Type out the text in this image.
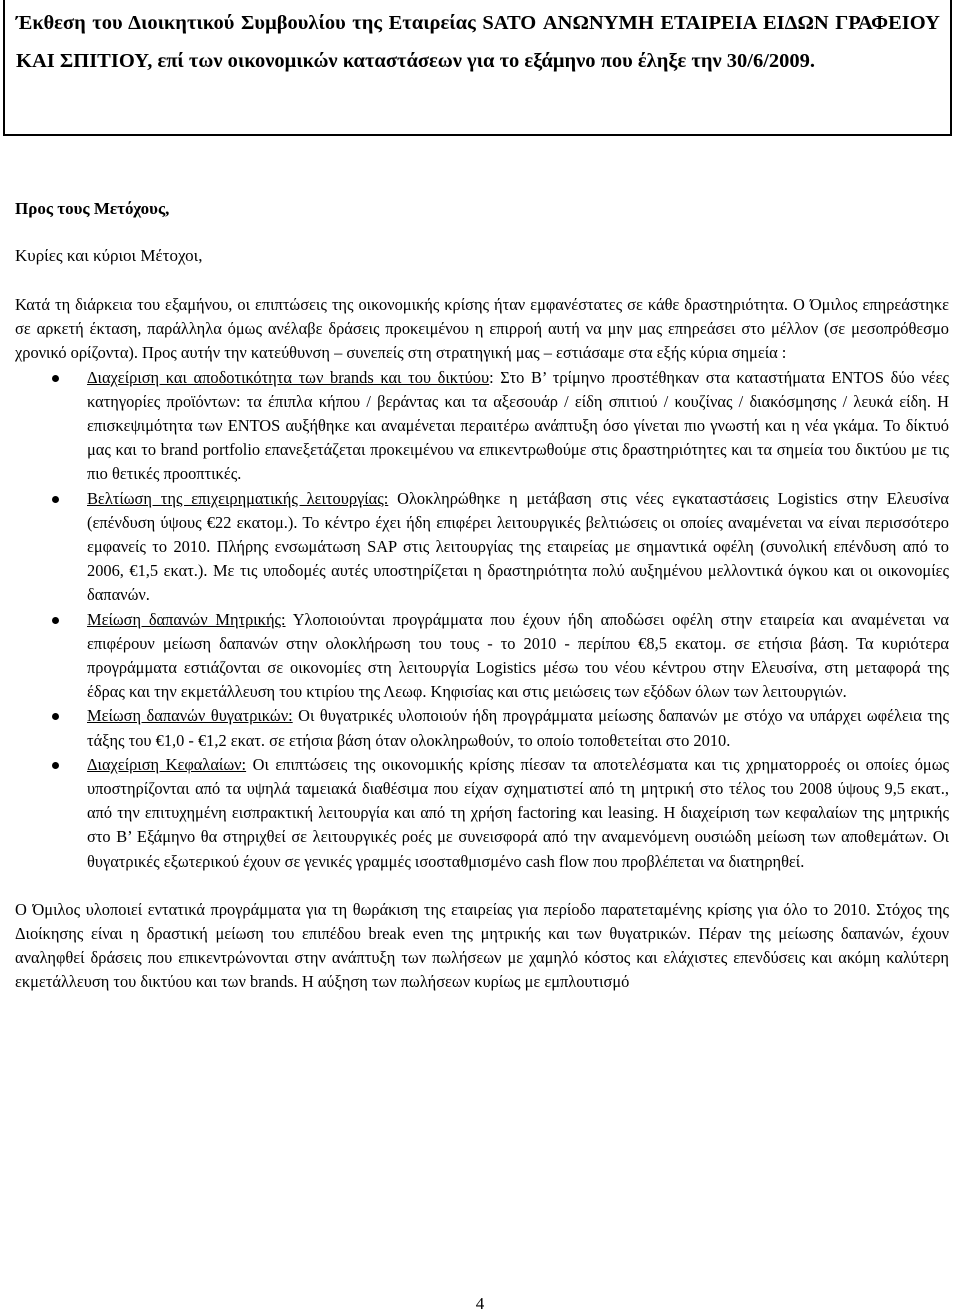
Έκθεση του Διοικητικού Συμβουλίου της Εταιρείας SATO ΑΝΩΝΥΜΗ ΕΤΑΙΡΕΙΑ ΕΙΔΩΝ ΓΡΑΦΕΙΟΥ ΚΑΙ ΣΠΙΤΙΟΥ, επί των οικονομικών καταστάσεων για το εξάμηνο που έληξε την 30/6/2009.

Προς τους Μετόχους,
Κυρίες και κύριοι Μέτοχοι,

Κατά τη διάρκεια του εξαμήνου, οι επιπτώσεις της οικονομικής κρίσης ήταν εμφανέστατες σε κάθε δραστηριότητα. Ο Όμιλος επηρεάστηκε σε αρκετή έκταση, παράλληλα όμως ανέλαβε δράσεις προκειμένου η επιρροή αυτή να μην μας επηρεάσει στο μέλλον (σε μεσοπρόθεσμο χρονικό ορίζοντα). Προς αυτήν την κατεύθυνση – συνεπείς στη στρατηγική μας – εστιάσαμε στα εξής κύρια σημεία :

Διαχείριση και αποδοτικότητα των brands και του δικτύου: Στο Β’ τρίμηνο προστέθηκαν στα καταστήματα ENTOS δύο νέες κατηγορίες προϊόντων: τα έπιπλα κήπου / βεράντας και τα αξεσουάρ / είδη σπιτιού / κουζίνας / διακόσμησης / λευκά είδη. Η επισκεψιμότητα των ENTOS αυξήθηκε και αναμένεται περαιτέρω ανάπτυξη όσο γίνεται πιο γνωστή και η νέα γκάμα. Το δίκτυό μας και το brand portfolio επανεξετάζεται προκειμένου να επικεντρωθούμε στις δραστηριότητες και τα σημεία του δικτύου με τις πιο θετικές προοπτικές.
Βελτίωση της επιχειρηματικής λειτουργίας: Ολοκληρώθηκε η μετάβαση στις νέες εγκαταστάσεις Logistics στην Ελευσίνα (επένδυση ύψους €22 εκατομ.). Το κέντρο έχει ήδη επιφέρει λειτουργικές βελτιώσεις οι οποίες αναμένεται να είναι περισσότερο εμφανείς το 2010. Πλήρης ενσωμάτωση SAP στις λειτουργίας της εταιρείας με σημαντικά οφέλη (συνολική επένδυση από το 2006, €1,5 εκατ.). Με τις υποδομές αυτές υποστηρίζεται η δραστηριότητα πολύ αυξημένου μελλοντικά όγκου και οι οικονομίες δαπανών.
Μείωση δαπανών Μητρικής: Υλοποιούνται προγράμματα που έχουν ήδη αποδώσει οφέλη στην εταιρεία και αναμένεται να επιφέρουν μείωση δαπανών στην ολοκλήρωση του τους - το 2010 - περίπου €8,5 εκατομ. σε ετήσια βάση. Τα κυριότερα προγράμματα εστιάζονται σε οικονομίες στη λειτουργία Logistics μέσω του νέου κέντρου στην Ελευσίνα, στη μεταφορά της έδρας και την εκμετάλλευση του κτιρίου της Λεωφ. Κηφισίας και στις μειώσεις των εξόδων όλων των λειτουργιών.
Μείωση δαπανών θυγατρικών: Οι θυγατρικές υλοποιούν ήδη προγράμματα μείωσης δαπανών με στόχο να υπάρχει ωφέλεια της τάξης του €1,0 - €1,2 εκατ. σε ετήσια βάση όταν ολοκληρωθούν, το οποίο τοποθετείται στο 2010.
Διαχείριση Κεφαλαίων: Οι επιπτώσεις της οικονομικής κρίσης πίεσαν τα αποτελέσματα και τις χρηματορροές οι οποίες όμως υποστηρίζονται από τα υψηλά ταμειακά διαθέσιμα που είχαν σχηματιστεί από τη μητρική στο τέλος του 2008 ύψους 9,5 εκατ., από την επιτυχημένη εισπρακτική λειτουργία και από τη χρήση factoring και leasing. Η διαχείριση των κεφαλαίων της μητρικής στο Β’ Εξάμηνο θα στηριχθεί σε λειτουργικές ροές με συνεισφορά από την αναμενόμενη ουσιώδη μείωση των αποθεμάτων. Οι θυγατρικές εξωτερικού έχουν σε γενικές γραμμές ισοσταθμισμένο cash flow που προβλέπεται να διατηρηθεί.

Ο Όμιλος υλοποιεί εντατικά προγράμματα για τη θωράκιση της εταιρείας για περίοδο παρατεταμένης κρίσης για όλο το 2010. Στόχος της Διοίκησης είναι η δραστική μείωση του επιπέδου break even της μητρικής και των θυγατρικών. Πέραν της μείωσης δαπανών, έχουν αναληφθεί δράσεις που επικεντρώνονται στην ανάπτυξη των πωλήσεων με χαμηλό κόστος και ελάχιστες επενδύσεις και ακόμη καλύτερη εκμετάλλευση του δικτύου και των brands. Η αύξηση των πωλήσεων κυρίως με εμπλουτισμό

4
